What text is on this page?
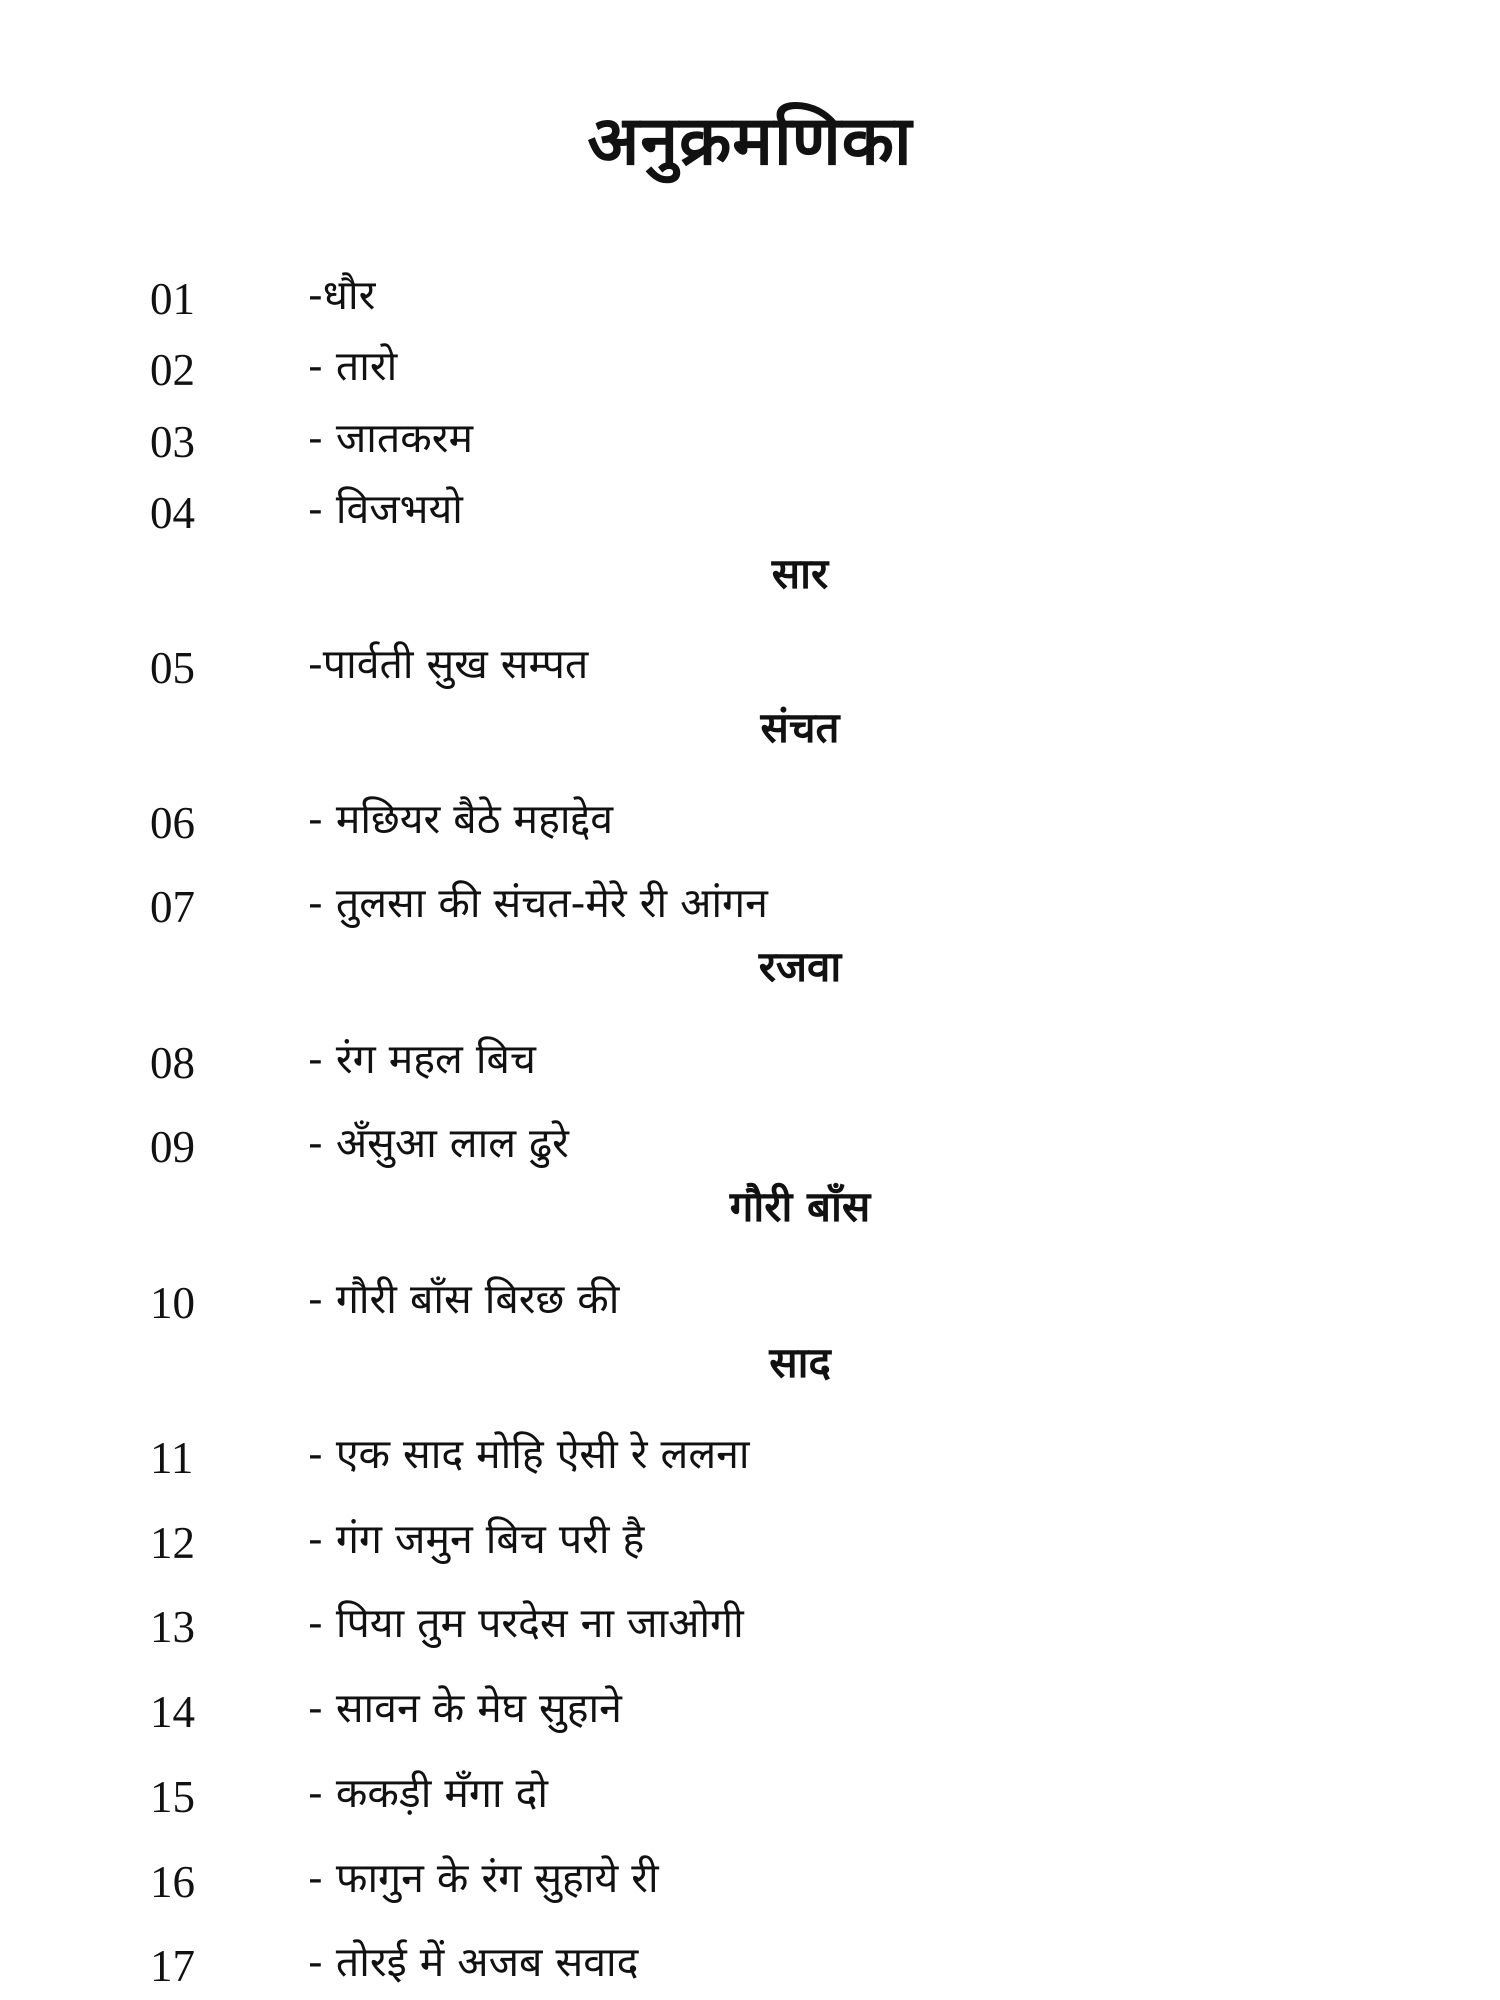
अनुक्रमणिका
01	-धौर
02	- तारो
03	- जातकरम
04	- विजभयो
सार
05	-पार्वती सुख सम्पत
संचत
06	- मछियर बैठे महाद्देव
07	- तुलसा की संचत-मेरे री आंगन
रजवा
08	- रंग महल बिच
09	- अँसुआ लाल ढुरे
गौरी बाँस
10	- गौरी बाँस बिरछ की
साद
11	- एक साद मोहि ऐसी रे ललना
12	- गंग जमुन बिच परी है
13	- पिया तुम परदेस ना जाओगी
14	- सावन के मेघ सुहाने
15	- ककड़ी मँगा दो
16	- फागुन के रंग सुहाये री
17	- तोरई में अजब सवाद
